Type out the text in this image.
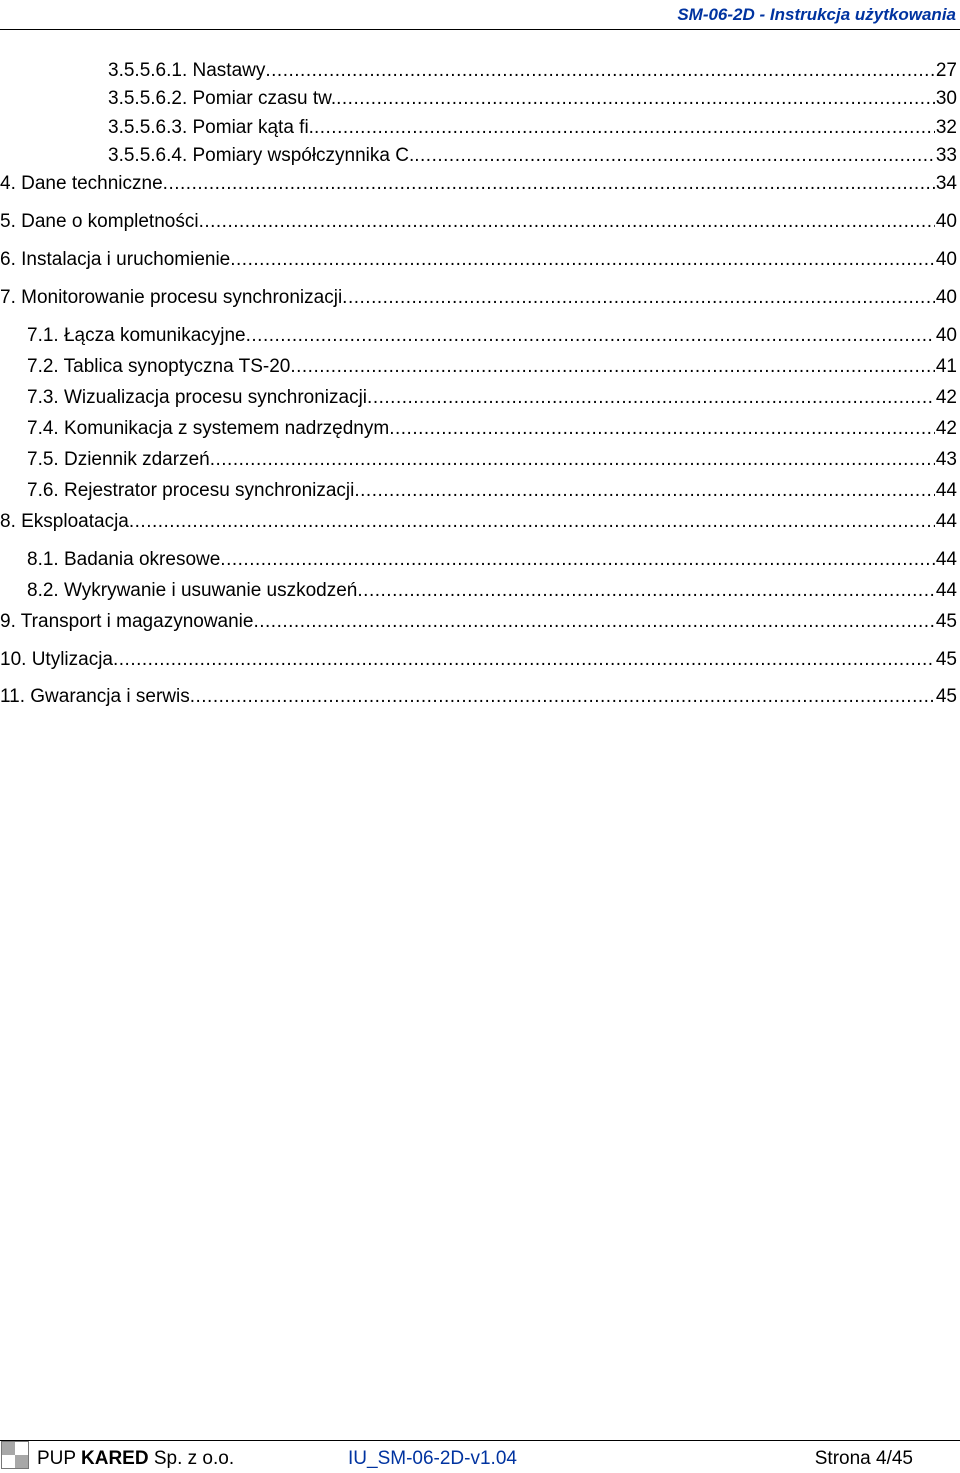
SM-06-2D - Instrukcja użytkowania
3.5.5.6.1. Nastawy .....	27
3.5.5.6.2. Pomiar czasu tw. .....	30
3.5.5.6.3. Pomiar kąta fi. .....	32
3.5.5.6.4. Pomiary współczynnika C. .....	33
4. Dane techniczne .....	34
5. Dane o kompletności .....	40
6. Instalacja i uruchomienie .....	40
7. Monitorowanie procesu synchronizacji .....	40
7.1. Łącza komunikacyjne .....	40
7.2. Tablica synoptyczna TS-20 .....	41
7.3. Wizualizacja procesu synchronizacji .....	42
7.4. Komunikacja z systemem nadrzędnym .....	42
7.5. Dziennik zdarzeń .....	43
7.6. Rejestrator procesu synchronizacji .....	44
8. Eksploatacja .....	44
8.1. Badania okresowe .....	44
8.2. Wykrywanie i usuwanie uszkodzeń .....	44
9. Transport i magazynowanie .....	45
10. Utylizacja .....	45
11. Gwarancja i serwis .....	45
PUP KARED Sp. z o.o.	IU_SM-06-2D-v1.04	Strona 4/45
